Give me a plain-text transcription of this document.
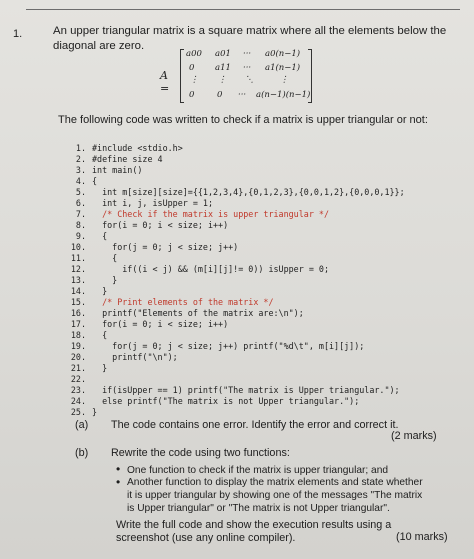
1.	An upper triangular matrix is a square matrix where all the elements below the diagonal are zero.
A =
a00 a01 ··· a0(n−1)
0 a11 ··· a1(n−1)
⋮ ⋮ ⋱	⋮
0	0 ··· a(n−1)(n−1)
The following code was written to check if a matrix is upper triangular or not:
1. #include <stdio.h>
2. #define size 4
3. int main()
4. {
5.  int m[size][size]={{1,2,3,4},{0,1,2,3},{0,0,1,2},{0,0,0,1}};
6.  int i, j, isUpper = 1;
7.  /* Check if the matrix is upper triangular */
8.  for(i = 0; i < size; i++)
9.  {
10.    for(j = 0; j < size; j++)
11.    {
12.      if((i < j) && (m[i][j]!= 0)) isUpper = 0;
13.    }
14.  }
15.  /* Print elements of the matrix */
16.  printf("Elements of the matrix are:\n");
17.  for(i = 0; i < size; i++)
18.  {
19.    for(j = 0; j < size; j++) printf("%d\t", m[i][j]);
20.    printf("\n");
21.  }
22.
23.  if(isUpper == 1) printf("The matrix is Upper triangular.");
24.  else printf("The matrix is not Upper triangular.");
25. }
(a) The code contains one error. Identify the error and correct it.
(2 marks)
(b) Rewrite the code using two functions:
• One function to check if the matrix is upper triangular; and
• Another function to display the matrix elements and state whether it is upper triangular by showing one of the messages "The matrix is Upper triangular" or "The matrix is not Upper triangular".
Write the full code and show the execution results using a screenshot (use any online compiler).	(10 marks)
